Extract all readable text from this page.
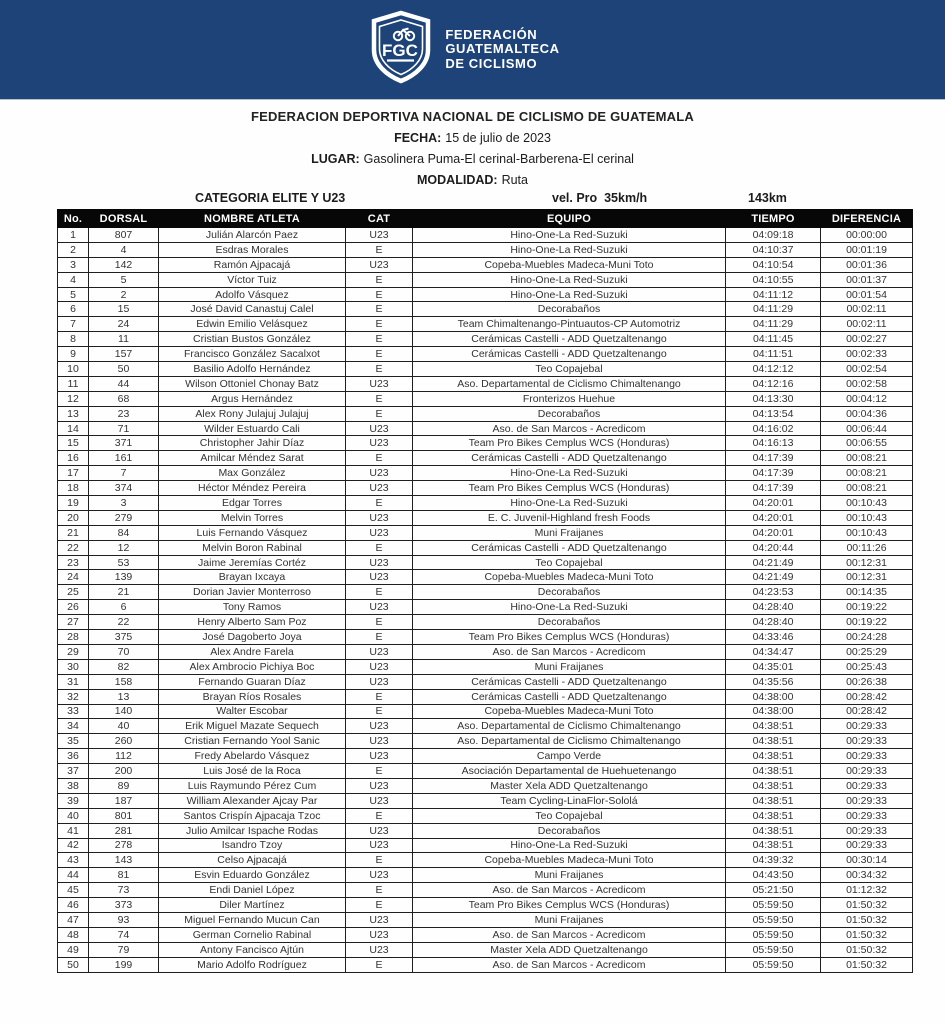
FGC
FEDERACIÓN
GUATEMALTECA
DE CICLISMO
FEDERACION DEPORTIVA NACIONAL DE CICLISMO DE GUATEMALA
FECHA: 15 de julio de 2023
LUGAR: Gasolinera Puma-El cerinal-Barberena-El cerinal
MODALIDAD: Ruta
CATEGORIA ELITE Y U23	vel. Pro  35km/h	143km
No.	DORSAL	NOMBRE ATLETA	CAT	EQUIPO	TIEMPO	DIFERENCIA
1	807	Julián Alarcón Paez	U23	Hino-One-La Red-Suzuki	04:09:18	00:00:00
2	4	Esdras Morales	E	Hino-One-La Red-Suzuki	04:10:37	00:01:19
3	142	Ramón Ajpacajá	U23	Copeba-Muebles Madeca-Muni Toto	04:10:54	00:01:36
4	5	Víctor Tuiz	E	Hino-One-La Red-Suzuki	04:10:55	00:01:37
5	2	Adolfo Vásquez	E	Hino-One-La Red-Suzuki	04:11:12	00:01:54
6	15	José David Canastuj Calel	E	Decorabaños	04:11:29	00:02:11
7	24	Edwin Emilio Velásquez	E	Team Chimaltenango-Pintuautos-CP Automotriz	04:11:29	00:02:11
8	11	Cristian Bustos González	E	Cerámicas Castelli - ADD Quetzaltenango	04:11:45	00:02:27
9	157	Francisco González Sacalxot	E	Cerámicas Castelli - ADD Quetzaltenango	04:11:51	00:02:33
10	50	Basilio Adolfo Hernández	E	Teo Copajebal	04:12:12	00:02:54
11	44	Wilson Ottoniel Chonay Batz	U23	Aso. Departamental de Ciclismo Chimaltenango	04:12:16	00:02:58
12	68	Argus Hernández	E	Fronterizos Huehue	04:13:30	00:04:12
13	23	Alex Rony Julajuj Julajuj	E	Decorabaños	04:13:54	00:04:36
14	71	Wilder Estuardo Cali	U23	Aso. de San Marcos - Acredicom	04:16:02	00:06:44
15	371	Christopher Jahir Díaz	U23	Team Pro Bikes Cemplus WCS (Honduras)	04:16:13	00:06:55
16	161	Amilcar Méndez Sarat	E	Cerámicas Castelli - ADD Quetzaltenango	04:17:39	00:08:21
17	7	Max González	U23	Hino-One-La Red-Suzuki	04:17:39	00:08:21
18	374	Héctor Méndez Pereira	U23	Team Pro Bikes Cemplus WCS (Honduras)	04:17:39	00:08:21
19	3	Edgar Torres	E	Hino-One-La Red-Suzuki	04:20:01	00:10:43
20	279	Melvin Torres	U23	E. C. Juvenil-Highland fresh Foods	04:20:01	00:10:43
21	84	Luis Fernando Vásquez	U23	Muni Fraijanes	04:20:01	00:10:43
22	12	Melvin Boron Rabinal	E	Cerámicas Castelli - ADD Quetzaltenango	04:20:44	00:11:26
23	53	Jaime Jeremías Cortéz	U23	Teo Copajebal	04:21:49	00:12:31
24	139	Brayan Ixcaya	U23	Copeba-Muebles Madeca-Muni Toto	04:21:49	00:12:31
25	21	Dorian Javier Monterroso	E	Decorabaños	04:23:53	00:14:35
26	6	Tony Ramos	U23	Hino-One-La Red-Suzuki	04:28:40	00:19:22
27	22	Henry Alberto Sam Poz	E	Decorabaños	04:28:40	00:19:22
28	375	José Dagoberto Joya	E	Team Pro Bikes Cemplus WCS (Honduras)	04:33:46	00:24:28
29	70	Alex Andre Farela	U23	Aso. de San Marcos - Acredicom	04:34:47	00:25:29
30	82	Alex Ambrocio Pichiya Boc	U23	Muni Fraijanes	04:35:01	00:25:43
31	158	Fernando Guaran Díaz	U23	Cerámicas Castelli - ADD Quetzaltenango	04:35:56	00:26:38
32	13	Brayan Ríos Rosales	E	Cerámicas Castelli - ADD Quetzaltenango	04:38:00	00:28:42
33	140	Walter Escobar	E	Copeba-Muebles Madeca-Muni Toto	04:38:00	00:28:42
34	40	Erik Miguel Mazate Sequech	U23	Aso. Departamental de Ciclismo Chimaltenango	04:38:51	00:29:33
35	260	Cristian Fernando Yool Sanic	U23	Aso. Departamental de Ciclismo Chimaltenango	04:38:51	00:29:33
36	112	Fredy Abelardo Vásquez	U23	Campo Verde	04:38:51	00:29:33
37	200	Luis José de la Roca	E	Asociación Departamental de Huehuetenango	04:38:51	00:29:33
38	89	Luis Raymundo Pérez Cum	U23	Master Xela ADD Quetzaltenango	04:38:51	00:29:33
39	187	William Alexander Ajcay Par	U23	Team Cycling-LinaFlor-Sololá	04:38:51	00:29:33
40	801	Santos Crispín Ajpacaja Tzoc	E	Teo Copajebal	04:38:51	00:29:33
41	281	Julio Amilcar Ispache Rodas	U23	Decorabaños	04:38:51	00:29:33
42	278	Isandro Tzoy	U23	Hino-One-La Red-Suzuki	04:38:51	00:29:33
43	143	Celso Ajpacajá	E	Copeba-Muebles Madeca-Muni Toto	04:39:32	00:30:14
44	81	Esvin Eduardo González	U23	Muni Fraijanes	04:43:50	00:34:32
45	73	Endi Daniel López	E	Aso. de San Marcos - Acredicom	05:21:50	01:12:32
46	373	Diler Martínez	E	Team Pro Bikes Cemplus WCS (Honduras)	05:59:50	01:50:32
47	93	Miguel Fernando Mucun Can	U23	Muni Fraijanes	05:59:50	01:50:32
48	74	German Cornelio Rabinal	U23	Aso. de San Marcos - Acredicom	05:59:50	01:50:32
49	79	Antony Fancisco Ajtún	U23	Master Xela ADD Quetzaltenango	05:59:50	01:50:32
50	199	Mario Adolfo Rodríguez	E	Aso. de San Marcos - Acredicom	05:59:50	01:50:32
